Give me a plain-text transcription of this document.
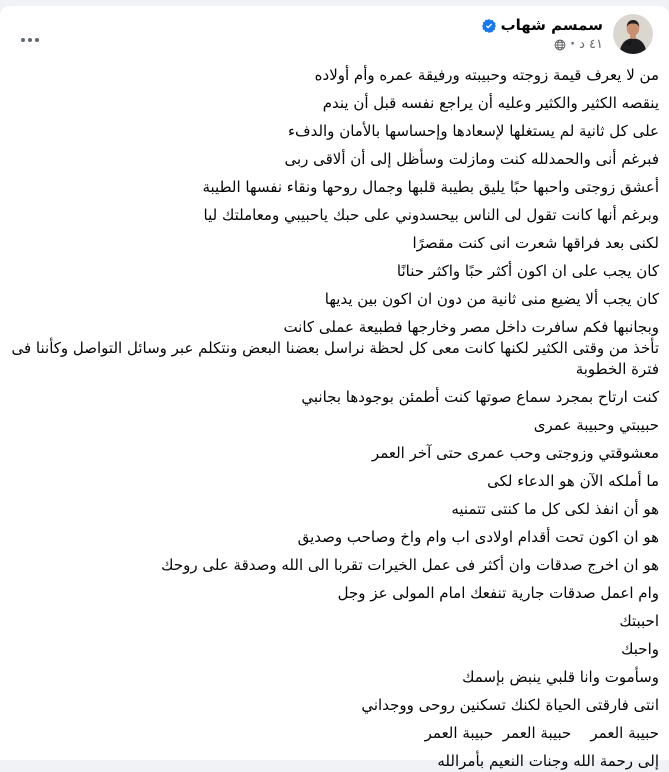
سمسم شهاب
٤١ د
·
من لا يعرف قيمة زوجته وحبيبته ورفيقة عمره وأم أولاده
ينقصه الكثير والكثير وعليه أن يراجع نفسه قبل أن يندم
على كل ثانية لم يستغلها لإسعادها وإحساسها بالأمان والدفء
فبرغم أنى والحمدلله كنت ومازلت وسأظل إلى أن ألاقى ربى
أعشق زوجتى واحبها حبًا يليق بطيبة قلبها وجمال روحها ونقاء نفسها الطيبة
وبرغم أنها كانت تقول لى الناس بيحسدوني على حبك ياحبيبي ومعاملتك ليا
لكنى بعد فراقها شعرت انى كنت مقصرًا
كان يجب على ان اكون أكثر حبًا واكثر حنانًا
كان يجب ألا يضيع منى ثانية من دون ان اكون بين يديها
وبجانبها فكم سافرت داخل مصر وخارجها فطبيعة عملى كانت
تأخذ من وقتى الكثير لكنها كانت معى كل لحظة نراسل بعضنا البعض ونتكلم عبر وسائل التواصل وكأننا فى
فترة الخطوبة
كنت ارتاح بمجرد سماع صوتها كنت أطمئن بوجودها بجانبي
حبيبتي وحبيبة عمرى
معشوقتي وزوجتى وحب عمرى حتى آخر العمر
ما أملكه الآن هو الدعاء لكى
هو أن انفذ لكى كل ما كنتى تتمنيه
هو ان اكون تحت أقدام اولادى اب وام واخ وصاحب وصديق
هو ان اخرج صدقات وان أكثر فى عمل الخيرات تقربا الى الله وصدقة على روحك
وام اعمل صدقات جارية تنفعك امام المولى عز وجل
احببتك
واحبك
وسأموت وانا قلبي ينبض بإسمك
انتى فارقتى الحياة لكنك تسكنين روحى ووجداني
حبيبة العمر    حبيبة العمر  حبيبة العمر
إلى رحمة الله وجنات النعيم بأمرالله
